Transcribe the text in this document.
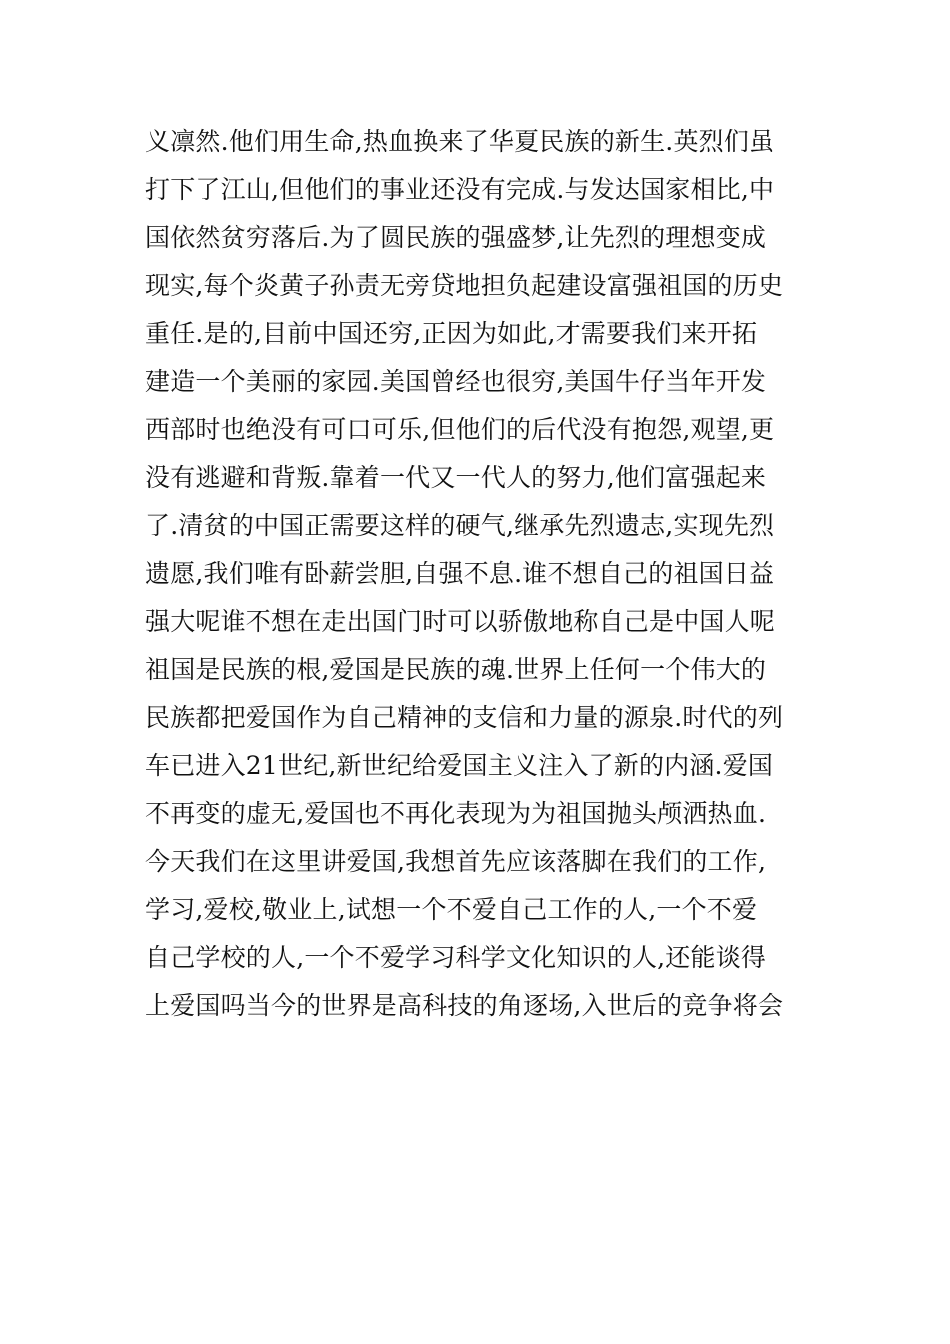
义凛然.他们用生命,热血换来了华夏民族的新生.英烈们虽
打下了江山,但他们的事业还没有完成.与发达国家相比,中
国依然贫穷落后.为了圆民族的强盛梦,让先烈的理想变成
现实,每个炎黄子孙责无旁贷地担负起建设富强祖国的历史
重任.是的,目前中国还穷,正因为如此,才需要我们来开拓
建造一个美丽的家园.美国曾经也很穷,美国牛仔当年开发
西部时也绝没有可口可乐,但他们的后代没有抱怨,观望,更
没有逃避和背叛.靠着一代又一代人的努力,他们富强起来
了.清贫的中国正需要这样的硬气,继承先烈遗志,实现先烈
遗愿,我们唯有卧薪尝胆,自强不息.谁不想自己的祖国日益
强大呢谁不想在走出国门时可以骄傲地称自己是中国人呢
祖国是民族的根,爱国是民族的魂.世界上任何一个伟大的
民族都把爱国作为自己精神的支信和力量的源泉.时代的列
车已进入21世纪,新世纪给爱国主义注入了新的内涵.爱国
不再变的虚无,爱国也不再化表现为为祖国抛头颅洒热血.
今天我们在这里讲爱国,我想首先应该落脚在我们的工作,
学习,爱校,敬业上,试想一个不爱自己工作的人,一个不爱
自己学校的人,一个不爱学习科学文化知识的人,还能谈得
上爱国吗当今的世界是高科技的角逐场,入世后的竞争将会
